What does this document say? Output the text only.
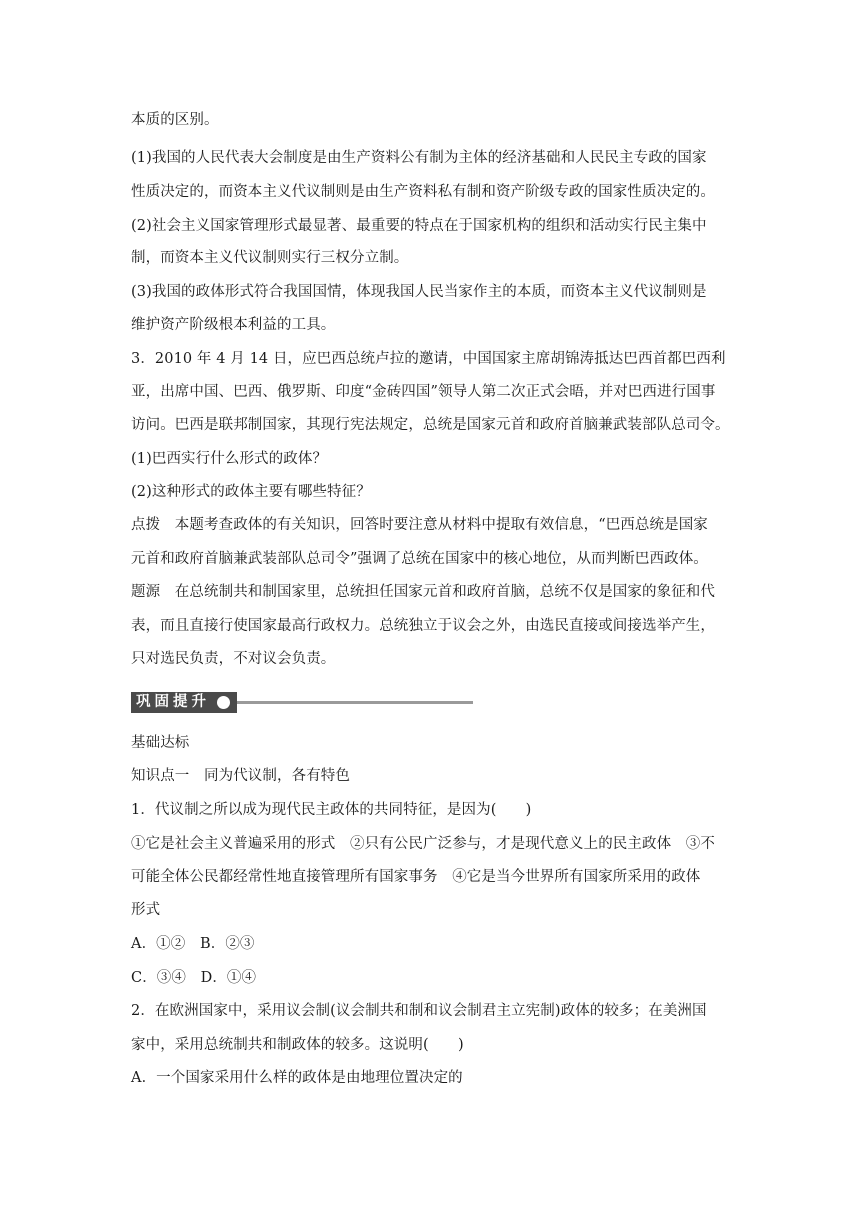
本质的区别。
(1)我国的人民代表大会制度是由生产资料公有制为主体的经济基础和人民民主专政的国家
性质决定的，而资本主义代议制则是由生产资料私有制和资产阶级专政的国家性质决定的。
(2)社会主义国家管理形式最显著、最重要的特点在于国家机构的组织和活动实行民主集中
制，而资本主义代议制则实行三权分立制。
(3)我国的政体形式符合我国国情，体现我国人民当家作主的本质，而资本主义代议制则是
维护资产阶级根本利益的工具。
3．2010 年 4 月 14 日，应巴西总统卢拉的邀请，中国国家主席胡锦涛抵达巴西首都巴西利
亚，出席中国、巴西、俄罗斯、印度“金砖四国”领导人第二次正式会晤，并对巴西进行国事
访问。巴西是联邦制国家，其现行宪法规定，总统是国家元首和政府首脑兼武装部队总司令。
(1)巴西实行什么形式的政体？
(2)这种形式的政体主要有哪些特征？
点拨　本题考查政体的有关知识，回答时要注意从材料中提取有效信息，“巴西总统是国家
元首和政府首脑兼武装部队总司令”强调了总统在国家中的核心地位，从而判断巴西政体。
题源　在总统制共和制国家里，总统担任国家元首和政府首脑，总统不仅是国家的象征和代
表，而且直接行使国家最高行政权力。总统独立于议会之外，由选民直接或间接选举产生，
只对选民负责，不对议会负责。
巩固提升
基础达标
知识点一　同为代议制，各有特色
1．代议制之所以成为现代民主政体的共同特征，是因为(　　)
①它是社会主义普遍采用的形式　②只有公民广泛参与，才是现代意义上的民主政体　③不
可能全体公民都经常性地直接管理所有国家事务　④它是当今世界所有国家所采用的政体
形式
A．①②　B．②③
C．③④　D．①④
2．在欧洲国家中，采用议会制(议会制共和制和议会制君主立宪制)政体的较多；在美洲国
家中，采用总统制共和制政体的较多。这说明(　　)
A．一个国家采用什么样的政体是由地理位置决定的
